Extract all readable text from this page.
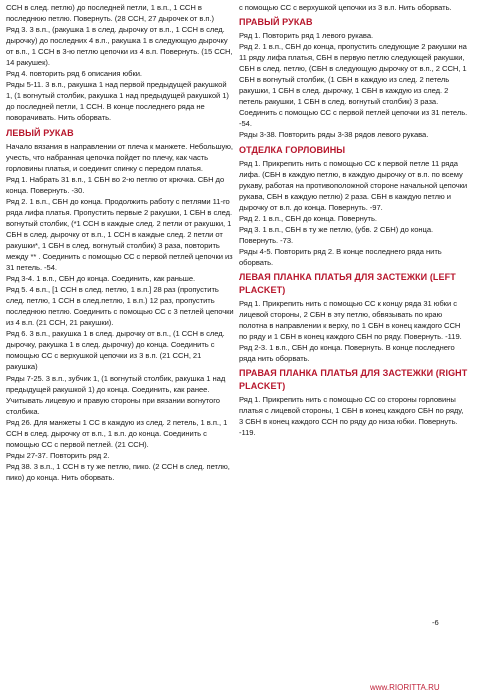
ССН в след. петлю) до последней петли, 1 в.п., 1 ССН в последнюю петлю. Повернуть. (28 ССН, 27 дырочек от в.п.)
Ряд 3. 3 в.п., (ракушка 1 в след. дырочку от в.п., 1 ССН в след. дырочку) до последних 4 в.п., ракушка 1 в следующую дырочку от в.п., 1 ССН в 3-ю петлю цепочки из 4 в.п. Повернуть. (15 ССН, 14 ракушек).
Ряд 4. повторить ряд 6 описания юбки.
Ряды 5-11. 3 в.п., ракушка 1 над первой предыдущей ракушкой 1, (1 вогнутый столбик, ракушка 1 над предыдущей ракушкой 1) до последней петли, 1 ССН. В конце последнего ряда не поворачивать. Нить оборвать.
ЛЕВЫЙ РУКАВ
Начало вязания в направлении от плеча к манжете. Небольшую, учесть, что набранная цепочка пойдет по плечу, как часть горловины платья, и соединит спинку с передом платья.
Ряд 1. Набрать 31 в.п., 1 СБН во 2-ю петлю от крючка. СБН до конца. Повернуть. -30.
Ряд 2. 1 в.п., СБН до конца. Продолжить работу с петлями 11-го ряда лифа платья. Пропустить первые 2 ракушки, 1 СБН в след. вогнутый столбик, (*1 ССН в каждые след. 2 петли от ракушки, 1 СБН в след. дырочку от в.п., 1 ССН в каждые след. 2 петли от ракушки*, 1 СБН в след. вогнутый столбик) 3 раза, повторить между ** . Соединить с помощью СС с первой петлей цепочки из 31 петель. -54.
Ряд 3-4. 1 в.п., СБН до конца. Соединить, как раньше.
Ряд 5. 4 в.п., [1 ССН в след. петлю, 1 в.п.] 28 раз (пропустить след. петлю, 1 ССН в след.петлю, 1 в.п.) 12 раз, пропустить последнюю петлю. Соединить с помощью СС с 3 петлей цепочки из 4 в.п. (21 ССН, 21 ракушки).
Ряд 6. 3 в.п., ракушка 1 в след. дырочку от в.п., (1 ССН в след. дырочку, ракушка 1 в след. дырочку) до конца. Соединить с помощью СС с верхушкой цепочки из 3 в.п. (21 ССН, 21 ракушка)
Ряды 7-25. 3 в.п., зубчик 1, (1 вогнутый столбик, ракушка 1 над предыдущей ракушкой 1) до конца. Соединить, как ранее. Учитывать лицевую и правую стороны при вязании вогнутого столбика.
Ряд 26. Для манжеты 1 СС в каждую из след. 2 петель, 1 в.п., 1 ССН в след. дырочку от в.п., 1 в.п. до конца. Соединить с помощью СС с первой петлей. (21 ССН).
Ряды 27-37. Повторить ряд 2.
Ряд 38. 3 в.п., 1 ССН в ту же петлю, пико. (2 ССН в след. петлю, пико) до конца. Нить оборвать.
с помощью СС с верхушкой цепочки из 3 в.п. Нить оборвать.
ПРАВЫЙ РУКАВ
Ряд 1. Повторить ряд 1 левого рукава.
Ряд 2. 1 в.п., СБН до конца, пропустить следующие 2 ракушки на 11 ряду лифа платья, СБН в первую петлю следующей ракушки, СБН в след. петлю, (СБН в следующую дырочку от в.п., 2 ССН, 1 СБН в вогнутый столбик, (1 СБН в каждую из след. 2 петель ракушки, 1 СБН в след. дырочку, 1 СБН в каждую из след. 2 петель ракушки, 1 СБН в след. вогнутый столбик) 3 раза. Соединить с помощью СС с первой петлей цепочки из 31 петель. -54.
Ряды 3-38. Повторить ряды 3-38 рядов левого рукава.
ОТДЕЛКА ГОРЛОВИНЫ
Ряд 1. Прикрепить нить с помощью СС к первой петле 11 ряда лифа. (СБН в каждую петлю, в каждую дырочку от в.п. по всему рукаву, работая на противоположной стороне начальной цепочки рукава, СБН в каждую петлю) 2 раза. СБН в каждую петлю и дырочку от в.п. до конца. Повернуть. -97.
Ряд 2. 1 в.п., СБН до конца. Повернуть.
Ряд 3. 1 в.п., СБН в ту же петлю, (убв. 2 СБН) до конца. Повернуть. -73.
Ряды 4-5. Повторить ряд 2. В конце последнего ряда нить оборвать.
ЛЕВАЯ ПЛАНКА ПЛАТЬЯ ДЛЯ ЗАСТЕЖКИ (LEFT PLACKET)
Ряд 1. Прикрепить нить с помощью СС к концу ряда 31 юбки с лицевой стороны, 2 СБН в эту петлю, обвязывать по краю полотна в направлении к верху, по 1 СБН в конец каждого ССН по ряду и 1 СБН в конец каждого СБН по ряду. Повернуть. -119.
Ряд 2-3. 1 в.п., СБН до конца. Повернуть. В конце последнего ряда нить оборвать.
ПРАВАЯ ПЛАНКА ПЛАТЬЯ ДЛЯ ЗАСТЕЖКИ (RIGHT PLACKET)
Ряд 1. Прикрепить нить с помощью СС со стороны горловины платья с лицевой стороны, 1 СБН в конец каждого СБН по ряду, 3 СБН в конец каждого ССН по ряду до низа юбки. Повернуть. -119.
-6
www.RIORITTA.RU
